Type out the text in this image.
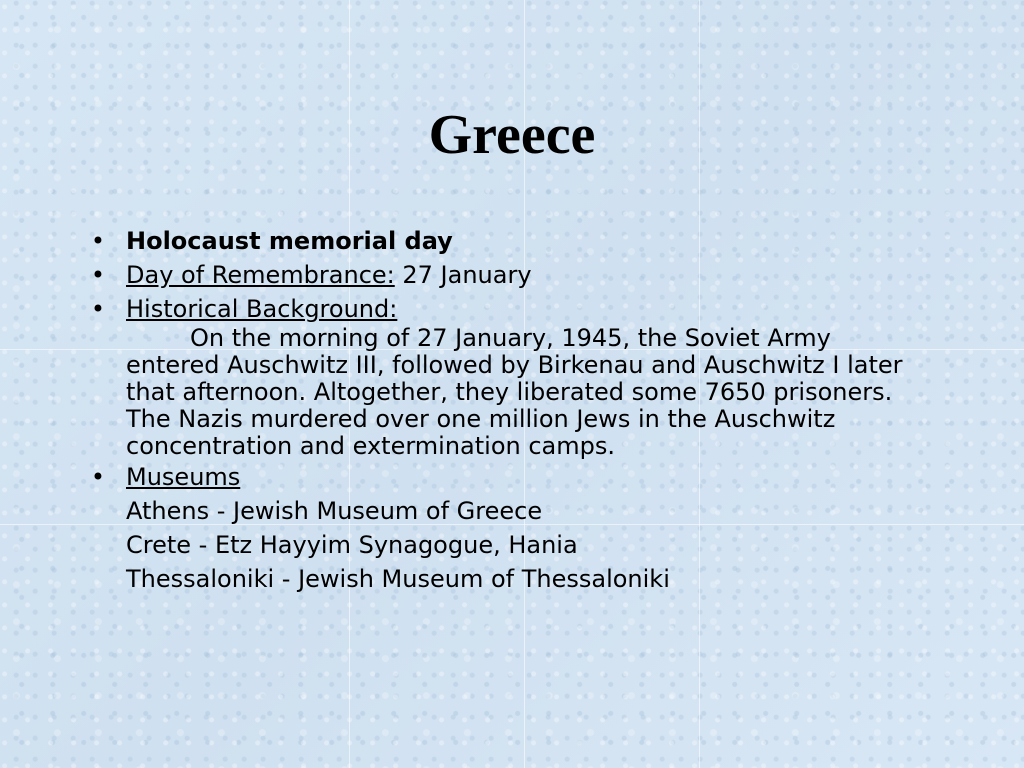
Greece
• Holocaust memorial day
• Day of Remembrance: 27 January
• Historical Background:
On the morning of 27 January, 1945, the Soviet Army entered Auschwitz III, followed by Birkenau and Auschwitz I later that afternoon. Altogether, they liberated some 7650 prisoners. The Nazis murdered over one million Jews in the Auschwitz concentration and extermination camps.
• Museums
Athens - Jewish Museum of Greece
Crete - Etz Hayyim Synagogue, Hania
Thessaloniki - Jewish Museum of Thessaloniki
